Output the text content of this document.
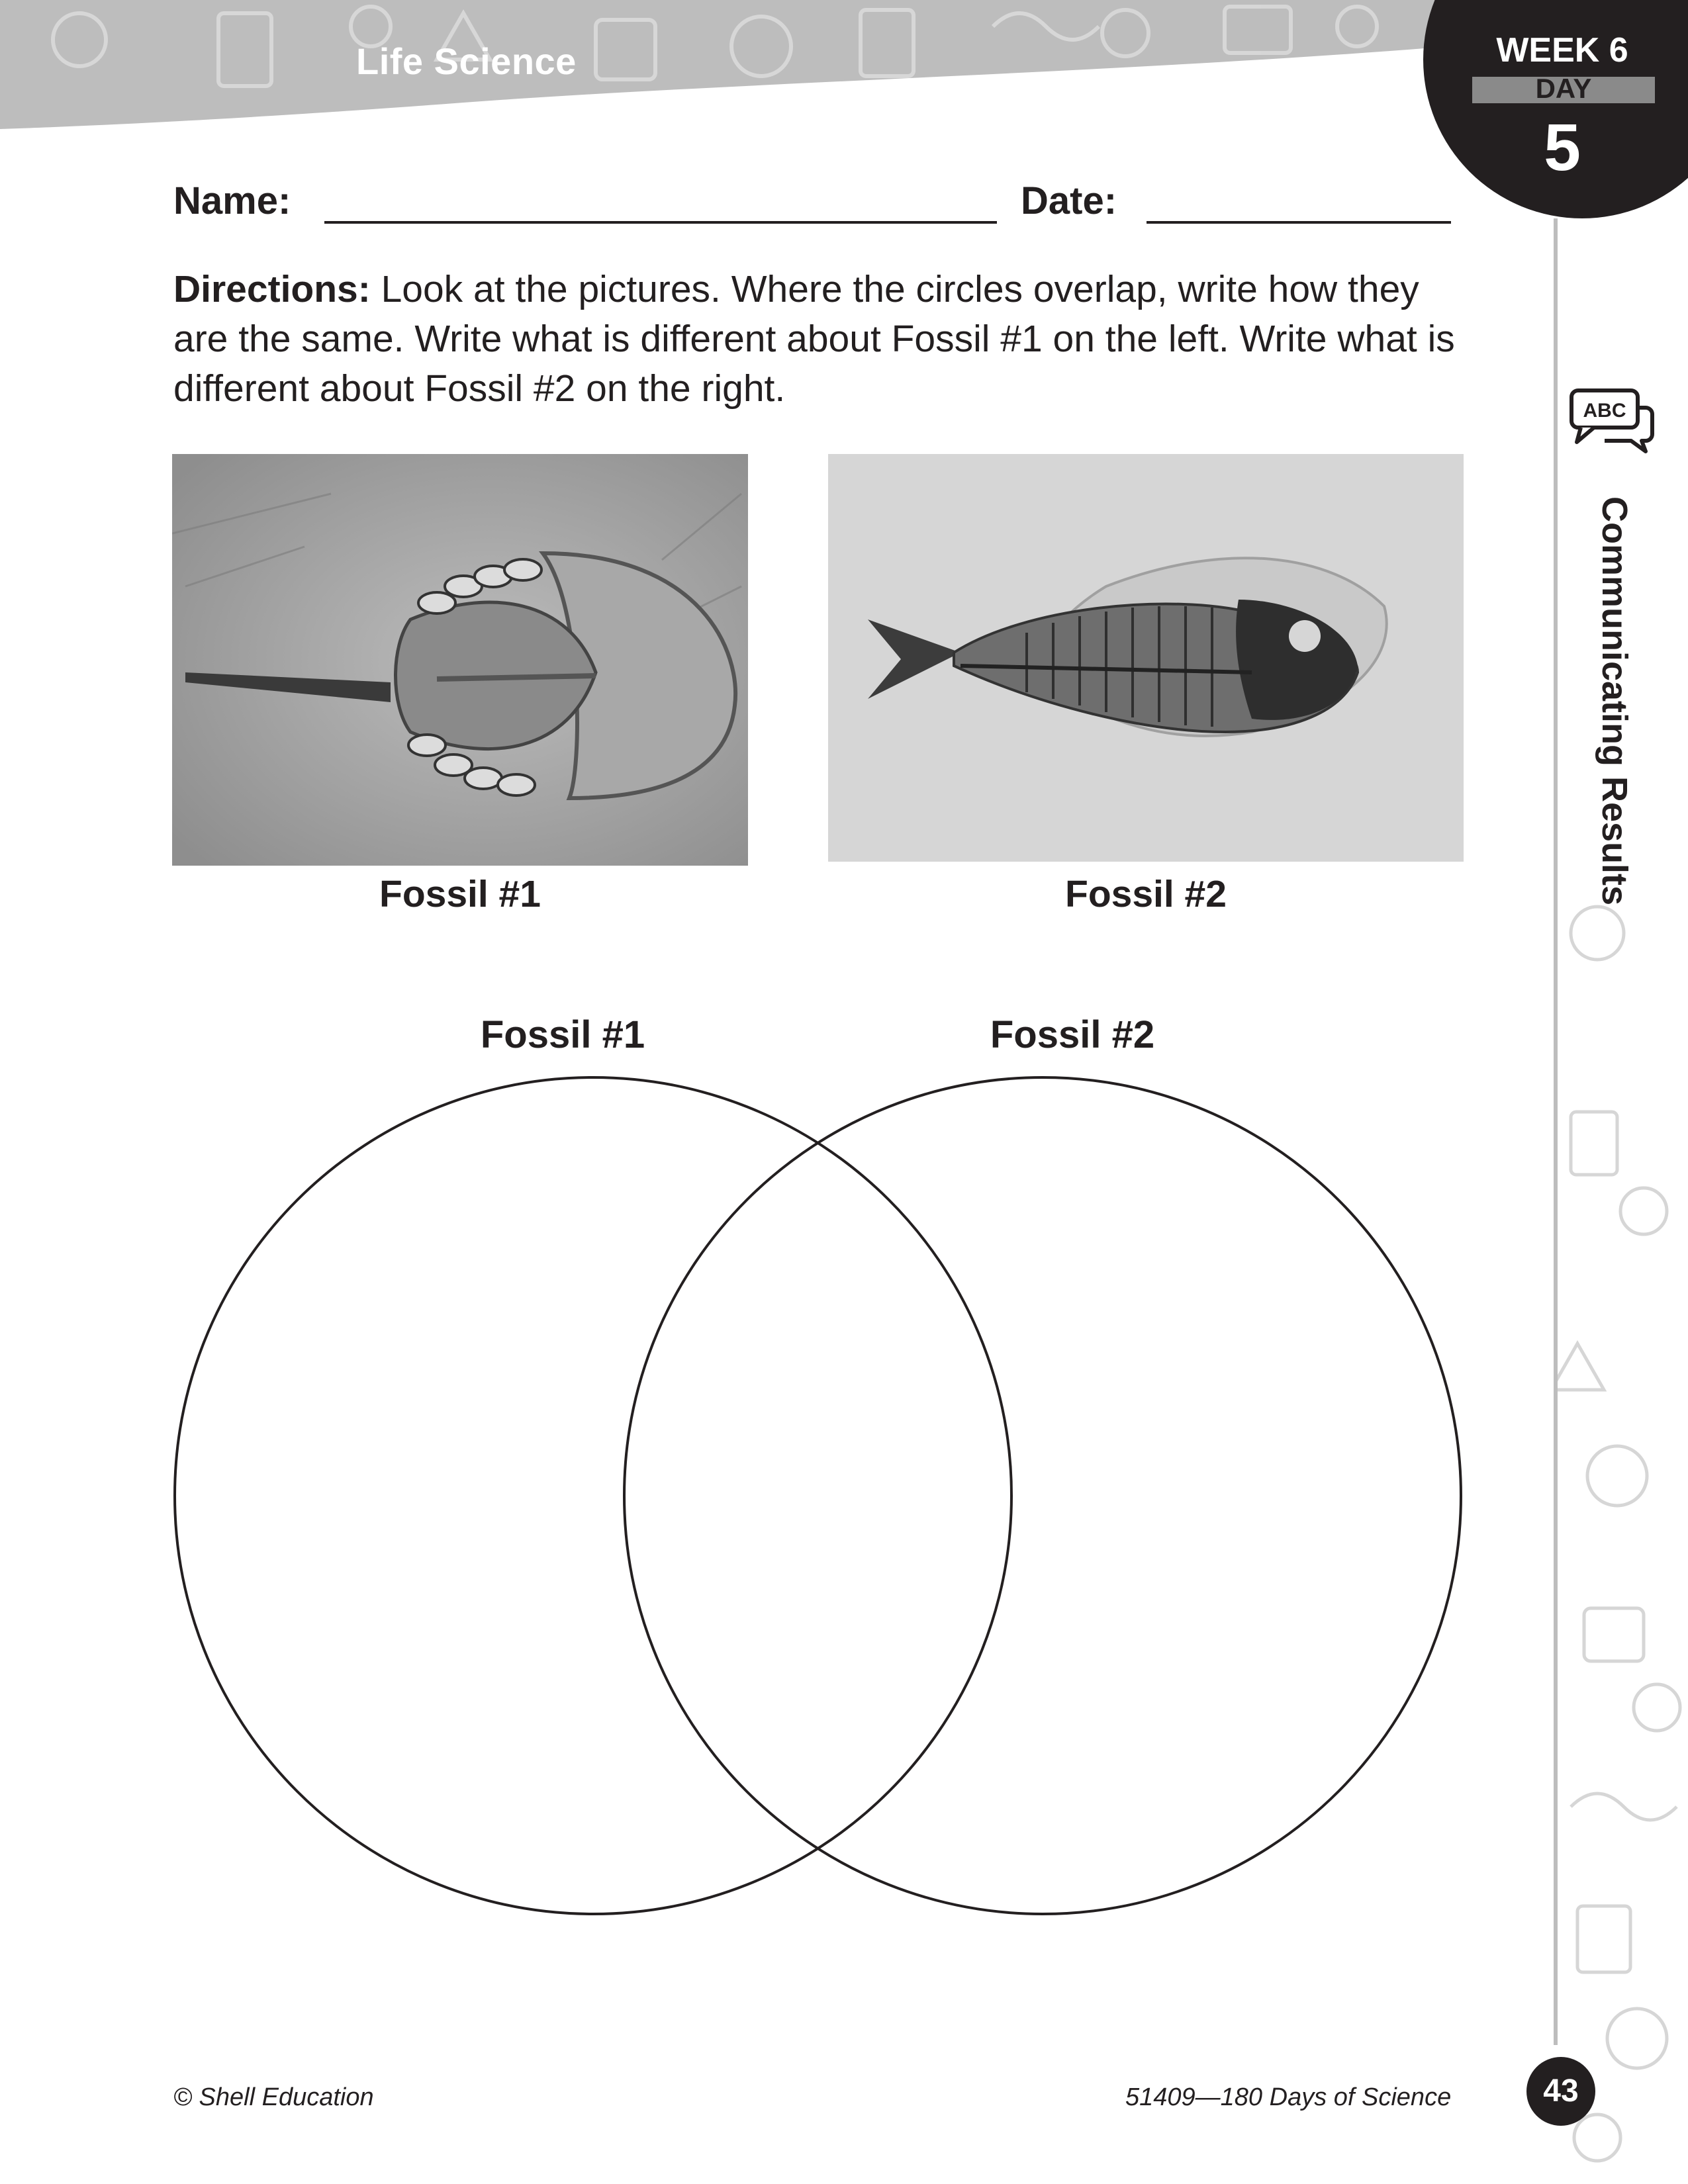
Life Science	WEEK 6
DAY
5
ABC
Communicating Results
Name:	Date:
Directions: Look at the pictures. Where the circles overlap, write how they are the same. Write what is different about Fossil #1 on the left. Write what is different about Fossil #2 on the right.
Fossil #1	Fossil #2
Fossil #1	Fossil #2
© Shell Education	51409—180 Days of Science	43
